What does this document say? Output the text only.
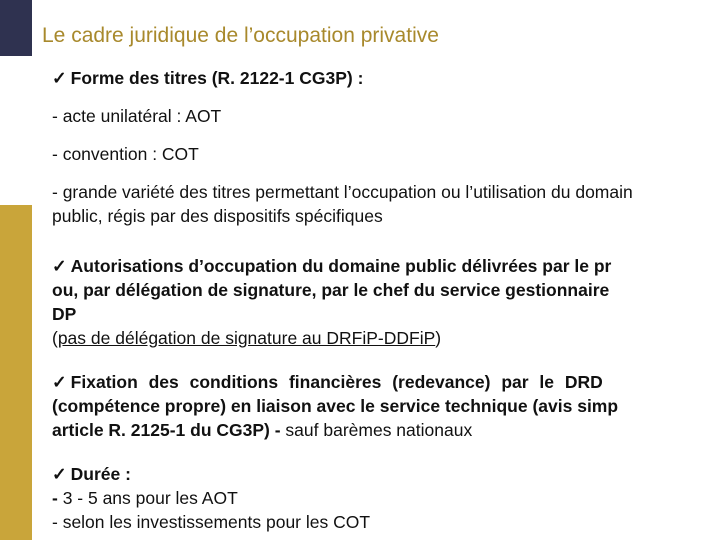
Le cadre juridique de l’occupation privative
✓ Forme des titres (R. 2122-1 CG3P) :
- acte unilatéral : AOT
- convention : COT
- grande variété des titres permettant l’occupation ou l’utilisation du domain
public, régis par des dispositifs spécifiques
✓ Autorisations d’occupation du domaine public délivrées par le pr
ou, par délégation de signature, par le chef du service gestionnaire
DP
(pas de délégation de signature au DRFiP-DDFiP)
✓ Fixation des conditions financières (redevance) par le DRD
(compétence propre) en liaison avec le service technique (avis simp
article R. 2125-1 du CG3P) - sauf barèmes nationaux
✓ Durée :
- 3 - 5 ans pour les AOT
- selon les investissements pour les COT
